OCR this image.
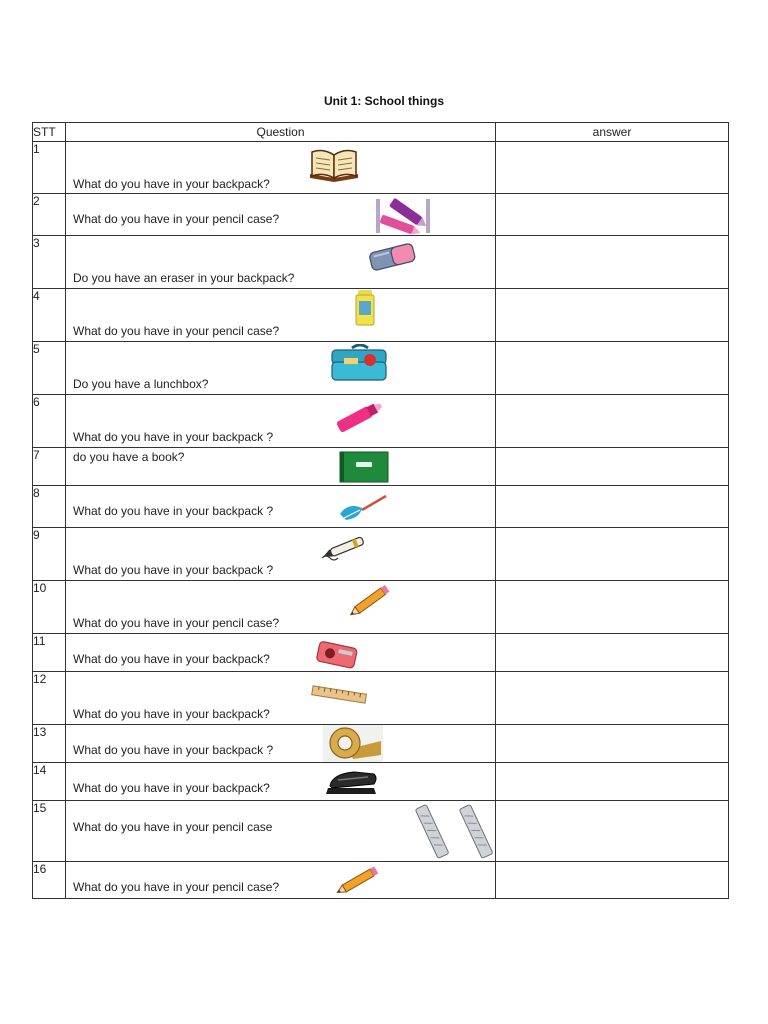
Unit 1: School things
STT	Question	answer
1	What do you have in your backpack?	

2	What do you have in your pencil case?	

3	Do you have an eraser in your backpack?	

4	What do you have in your pencil case?	

5	Do you have a lunchbox?	

6	What do you have in your backpack ?	

7	do you have a book?	

8	What do you have in your backpack ?	

9	What do you have in your backpack ?	

10	What do you have in your pencil case?	

11	What do you have in your backpack?	

12	What do you have in your backpack?	

13	What do you have in your backpack ?	

14	What do you have in your backpack?	

15	What do you have in your pencil case	

16	What do you have in your pencil case?	
